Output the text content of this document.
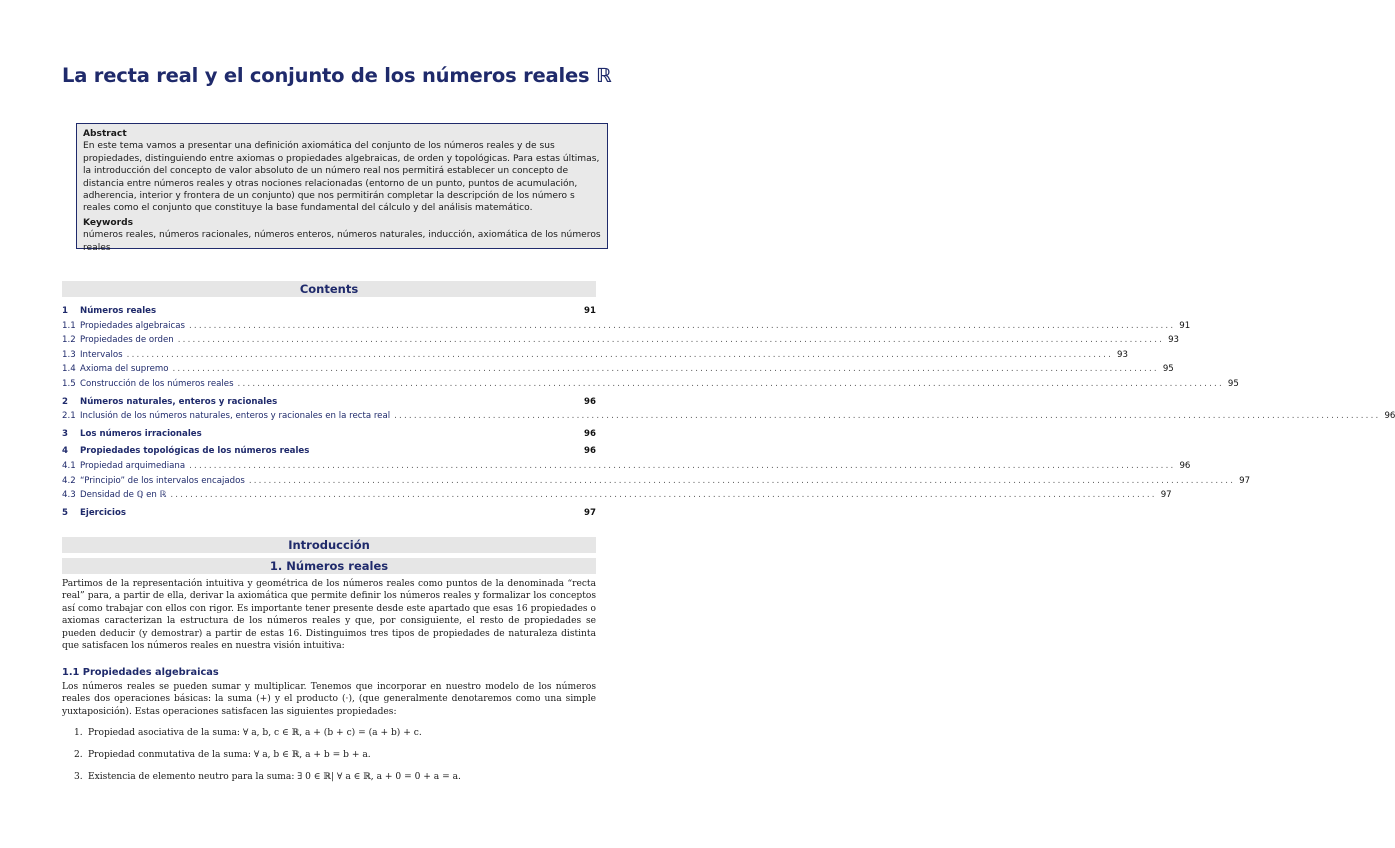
La recta real y el conjunto de los números reales ℝ
Abstract
En este tema vamos a presentar una definición axiomática del conjunto de los números reales y de sus propiedades, distinguiendo entre axiomas o propiedades algebraicas, de orden y topológicas. Para estas últimas, la introducción del concepto de valor absoluto de un número real nos permitirá establecer un concepto de distancia entre números reales y otras nociones relacionadas (entorno de un punto, puntos de acumulación, adherencia, interior y frontera de un conjunto) que nos permitirán completar la descripción de los número s reales como el conjunto que constituye la base fundamental del cálculo y del análisis matemático.
Keywords
números reales, números racionales, números enteros, números naturales, inducción, axiomática de los números reales
Contents
1	Números reales	91
1.1 Propiedades algebraicas ........................................................................................................................................................................................................ 91
1.2 Propiedades de orden ........................................................................................................................................................................................................ 93
1.3 Intervalos ........................................................................................................................................................................................................ 93
1.4 Axioma del supremo ........................................................................................................................................................................................................ 95
1.5 Construcción de los números reales ........................................................................................................................................................................................................ 95
2	Números naturales, enteros y racionales	96
2.1 Inclusión de los números naturales, enteros y racionales en la recta real ........................................................................................................................................................................................................ 96
3	Los números irracionales	96
4	Propiedades topológicas de los números reales	96
4.1 Propiedad arquimediana ........................................................................................................................................................................................................ 96
4.2 “Principio” de los intervalos encajados ........................................................................................................................................................................................................ 97
4.3 Densidad de ℚ en ℝ ........................................................................................................................................................................................................ 97
5	Ejercicios	97
Introducción
1. Números reales
Partimos de la representación intuitiva y geométrica de los números reales como puntos de la denominada “recta real” para, a partir de ella, derivar la axiomática que permite definir los números reales y formalizar los conceptos así como trabajar con ellos con rigor. Es importante tener presente desde este apartado que esas 16 propiedades o axiomas caracterizan la estructura de los números reales y que, por consiguiente, el resto de propiedades se pueden deducir (y demostrar) a partir de estas 16. Distinguimos tres tipos de propiedades de naturaleza distinta que satisfacen los números reales en nuestra visión intuitiva:
1.1 Propiedades algebraicas
Los números reales se pueden sumar y multiplicar. Tenemos que incorporar en nuestro modelo de los números reales dos operaciones básicas: la suma (+) y el producto (·), (que generalmente denotaremos como una simple yuxtaposición). Estas operaciones satisfacen las siguientes propiedades:
1. Propiedad asociativa de la suma: ∀ a, b, c ∈ ℝ, a + (b + c) = (a + b) + c.
2. Propiedad conmutativa de la suma: ∀ a, b ∈ ℝ, a + b = b + a.
3. Existencia de elemento neutro para la suma: ∃ 0 ∈ ℝ| ∀ a ∈ ℝ, a + 0 = 0 + a = a.
